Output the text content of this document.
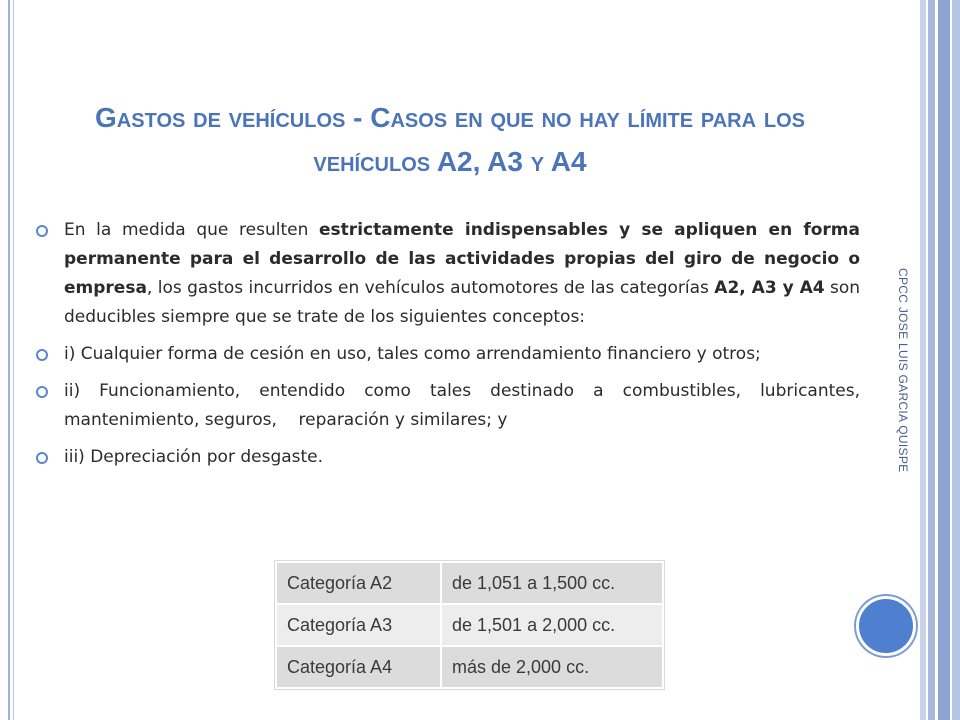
CPCC JOSE LUIS GARCIA QUISPE
Gastos de vehículos - Casos en que no hay límite para los
vehículos A2, A3 y A4
En la medida que resulten estrictamente indispensables y se apliquen en forma permanente para el desarrollo de las actividades propias del giro de negocio o empresa, los gastos incurridos en vehículos automotores de las categorías A2, A3 y A4 son deducibles siempre que se trate de los siguientes conceptos:
i) Cualquier forma de cesión en uso, tales como arrendamiento financiero y otros;
ii) Funcionamiento, entendido como tales destinado a combustibles, lubricantes, mantenimiento, seguros,    reparación y similares; y
iii) Depreciación por desgaste.
Categoría A2	de 1,051 a 1,500 cc.
Categoría A3	de 1,501 a 2,000 cc.
Categoría A4	más de 2,000 cc.
